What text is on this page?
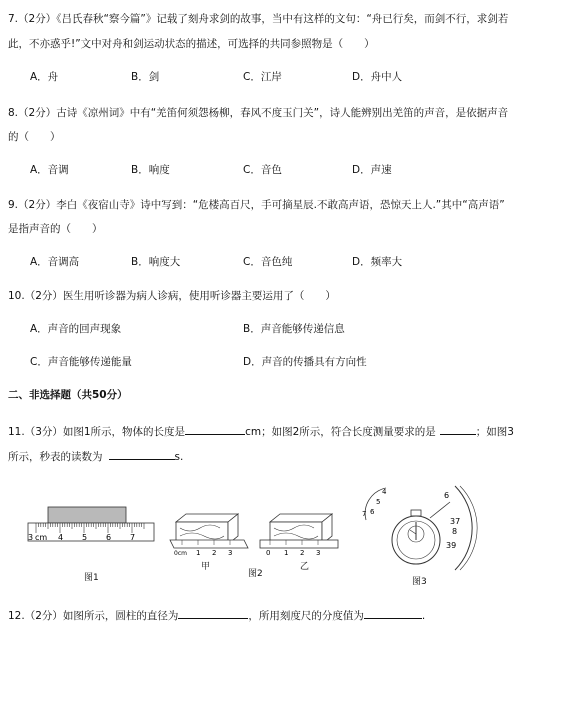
7.（2分）《吕氏春秋“察今篇”》记载了刻舟求剑的故事，当中有这样的文句：“舟已行矣，而剑不行，求剑若
此，不亦惑乎!”文中对舟和剑运动状态的描述，可选择的共同参照物是（　　）
A．舟	B．剑	C．江岸	D．舟中人
8.（2分）古诗《凉州词》中有“羌笛何须怨杨柳，春风不度玉门关”，诗人能辨别出羌笛的声音，是依据声音
的（　　）
A．音调	B．响度	C．音色	D．声速
9.（2分）李白《夜宿山寺》诗中写到：“危楼高百尺，手可摘星辰.不敢高声语，恐惊天上人.”其中“高声语”
是指声音的（　　）
A．音调高	B．响度大	C．音色纯	D．频率大
10.（2分）医生用听诊器为病人诊病，使用听诊器主要运用了（　　）
A．声音的回声现象	B．声音能够传递信息
C．声音能够传递能量	D．声音的传播具有方向性
二、非选择题（共50分）
11.（3分）如图1所示，物体的长度是	cm；如图2所示，符合长度测量要求的是	；如图3
所示，秒表的读数为	s.
3 cm 4 5 6 7
图1
0cm 1 2 3
甲
0 1 2 3
乙
图2
6
37
8
39
4
5
6
7
图3
12.（2分）如图所示，圆柱的直径为	，所用刻度尺的分度值为	.
